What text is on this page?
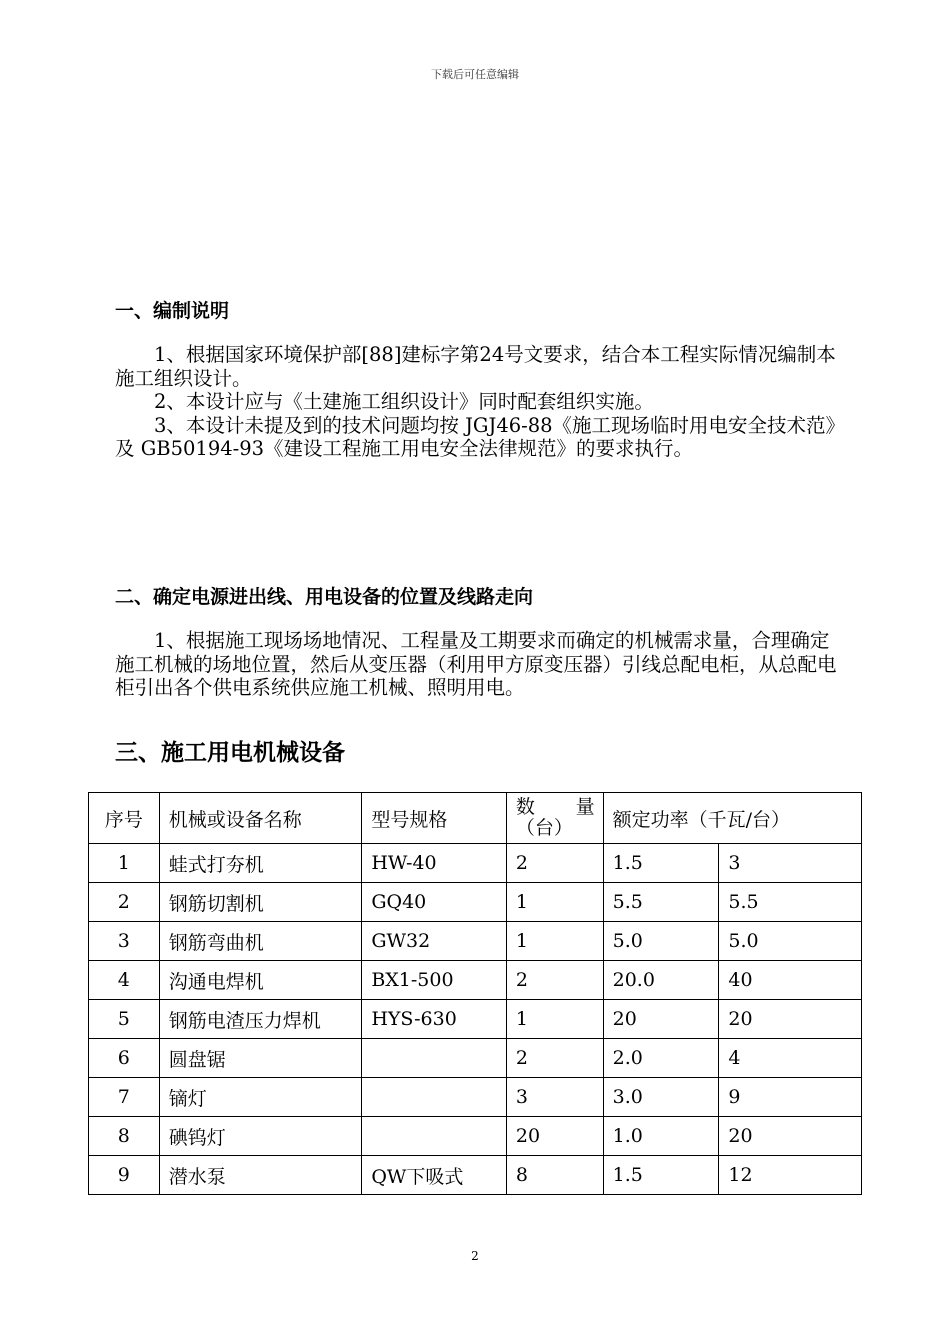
下载后可任意编辑
一、编制说明

1、根据国家环境保护部[88]建标字第24号文要求，结合本工程实际情况编制本施工组织设计。

2、本设计应与《土建施工组织设计》同时配套组织实施。

3、本设计未提及到的技术问题均按 JGJ46-88《施工现场临时用电安全技术范》及 GB50194-93《建设工程施工用电安全法律规范》的要求执行。

二、确定电源进出线、用电设备的位置及线路走向

1、根据施工现场场地情况、工程量及工期要求而确定的机械需求量，合理确定施工机械的场地位置，然后从变压器（利用甲方原变压器）引线总配电柜，从总配电柜引出各个供电系统供应施工机械、照明用电。

三、施工用电机械设备
序号	机械或设备名称	型号规格	数 量
（台）	额定功率（千瓦/台）	
1	蛙式打夯机	HW-40	2	1.5	3
2	钢筋切割机	GQ40	1	5.5	5.5
3	钢筋弯曲机	GW32	1	5.0	5.0
4	沟通电焊机	BX1-500	2	20.0	40
5	钢筋电渣压力焊机	HYS-630	1	20	20
6	圆盘锯		2	2.0	4
7	镝灯		3	3.0	9
8	碘钨灯		20	1.0	20
9	潜水泵	QW下吸式	8	1.5	12
2
